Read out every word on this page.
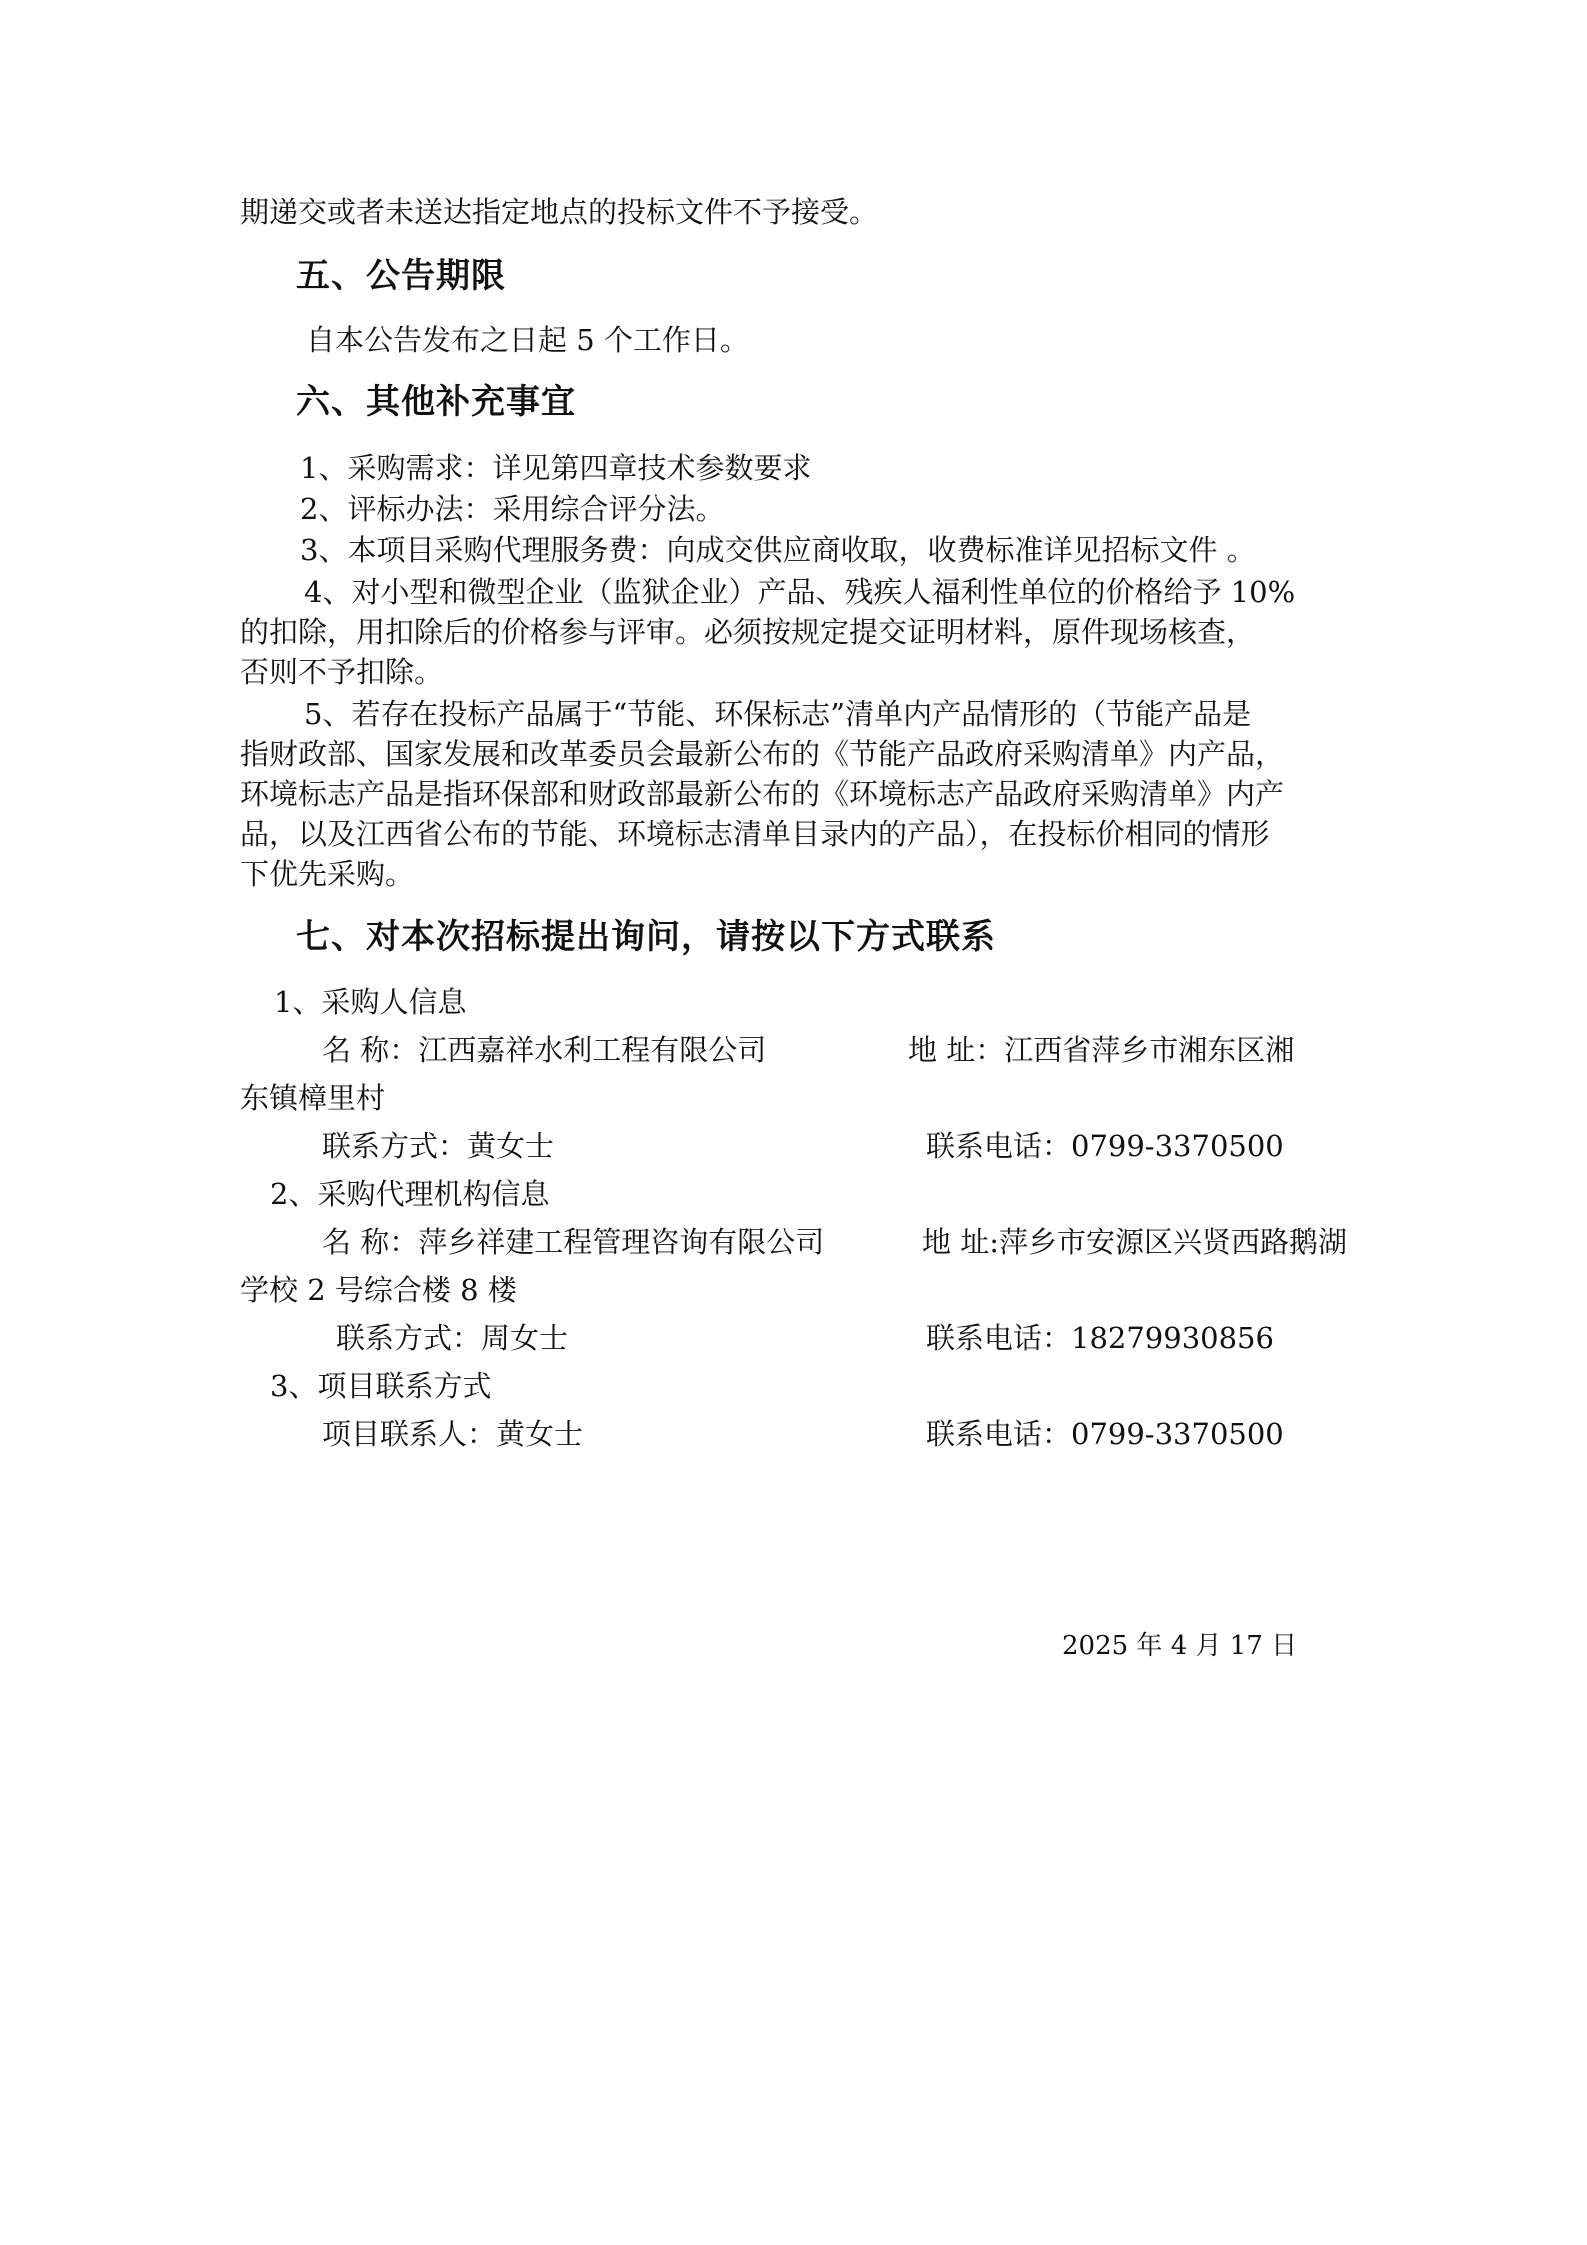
期递交或者未送达指定地点的投标文件不予接受。

五、公告期限

自本公告发布之日起 5 个工作日。

六、其他补充事宜

1、采购需求：详见第四章技术参数要求

2、评标办法：采用综合评分法。

3、本项目采购代理服务费：向成交供应商收取，收费标准详见招标文件 。

4、对小型和微型企业（监狱企业）产品、残疾人福利性单位的价格给予 10%

的扣除，用扣除后的价格参与评审。必须按规定提交证明材料，原件现场核查，

否则不予扣除。

5、若存在投标产品属于“节能、环保标志”清单内产品情形的（节能产品是

指财政部、国家发展和改革委员会最新公布的《节能产品政府采购清单》内产品，

环境标志产品是指环保部和财政部最新公布的《环境标志产品政府采购清单》内产

品，以及江西省公布的节能、环境标志清单目录内的产品），在投标价相同的情形

下优先采购。

七、对本次招标提出询问，请按以下方式联系

1、采购人信息

名 称：江西嘉祥水利工程有限公司	地 址：江西省萍乡市湘东区湘

东镇樟里村

联系方式：黄女士	联系电话：0799-3370500

2、采购代理机构信息

名 称：萍乡祥建工程管理咨询有限公司	地 址:萍乡市安源区兴贤西路鹅湖

学校 2 号综合楼 8 楼

联系方式：周女士	联系电话：18279930856

3、项目联系方式

项目联系人：黄女士	联系电话：0799-3370500

2025 年 4 月 17 日
